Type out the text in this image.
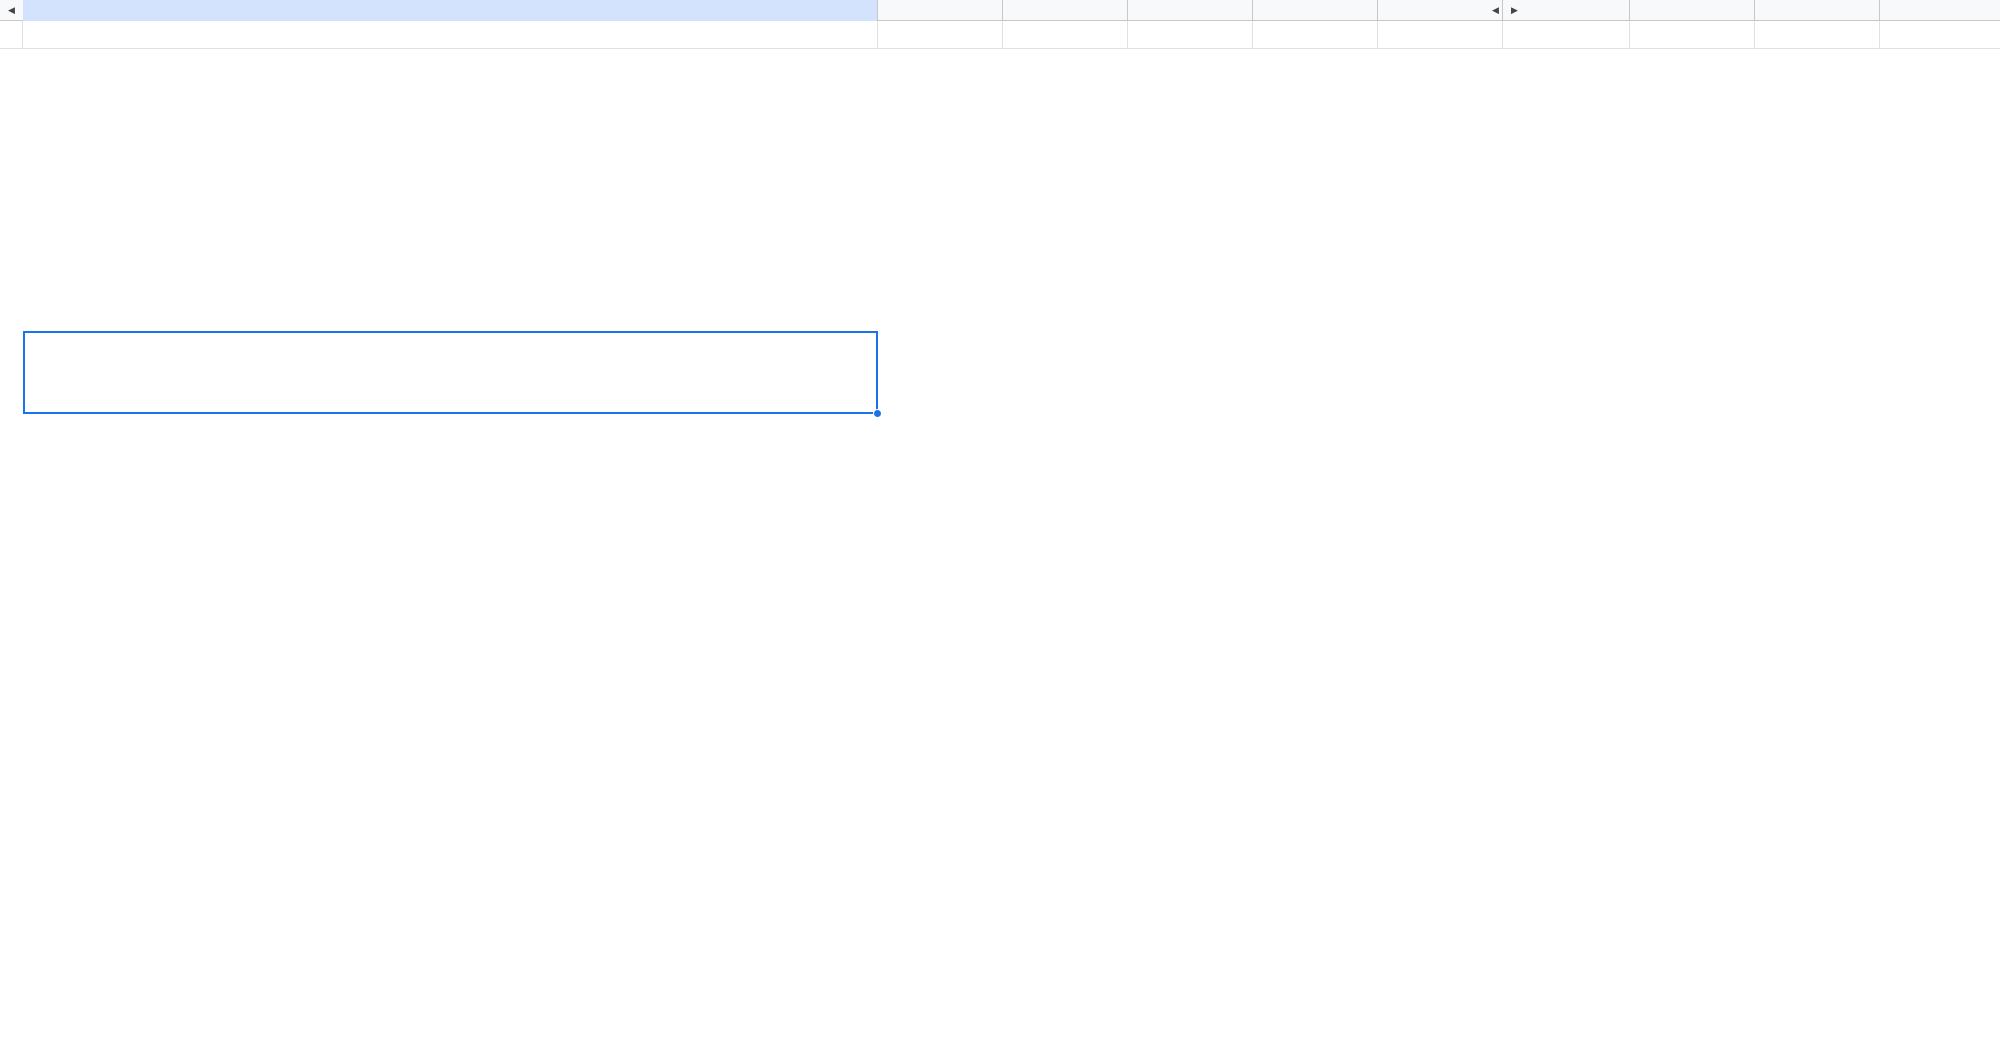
◀	◀ ▶
